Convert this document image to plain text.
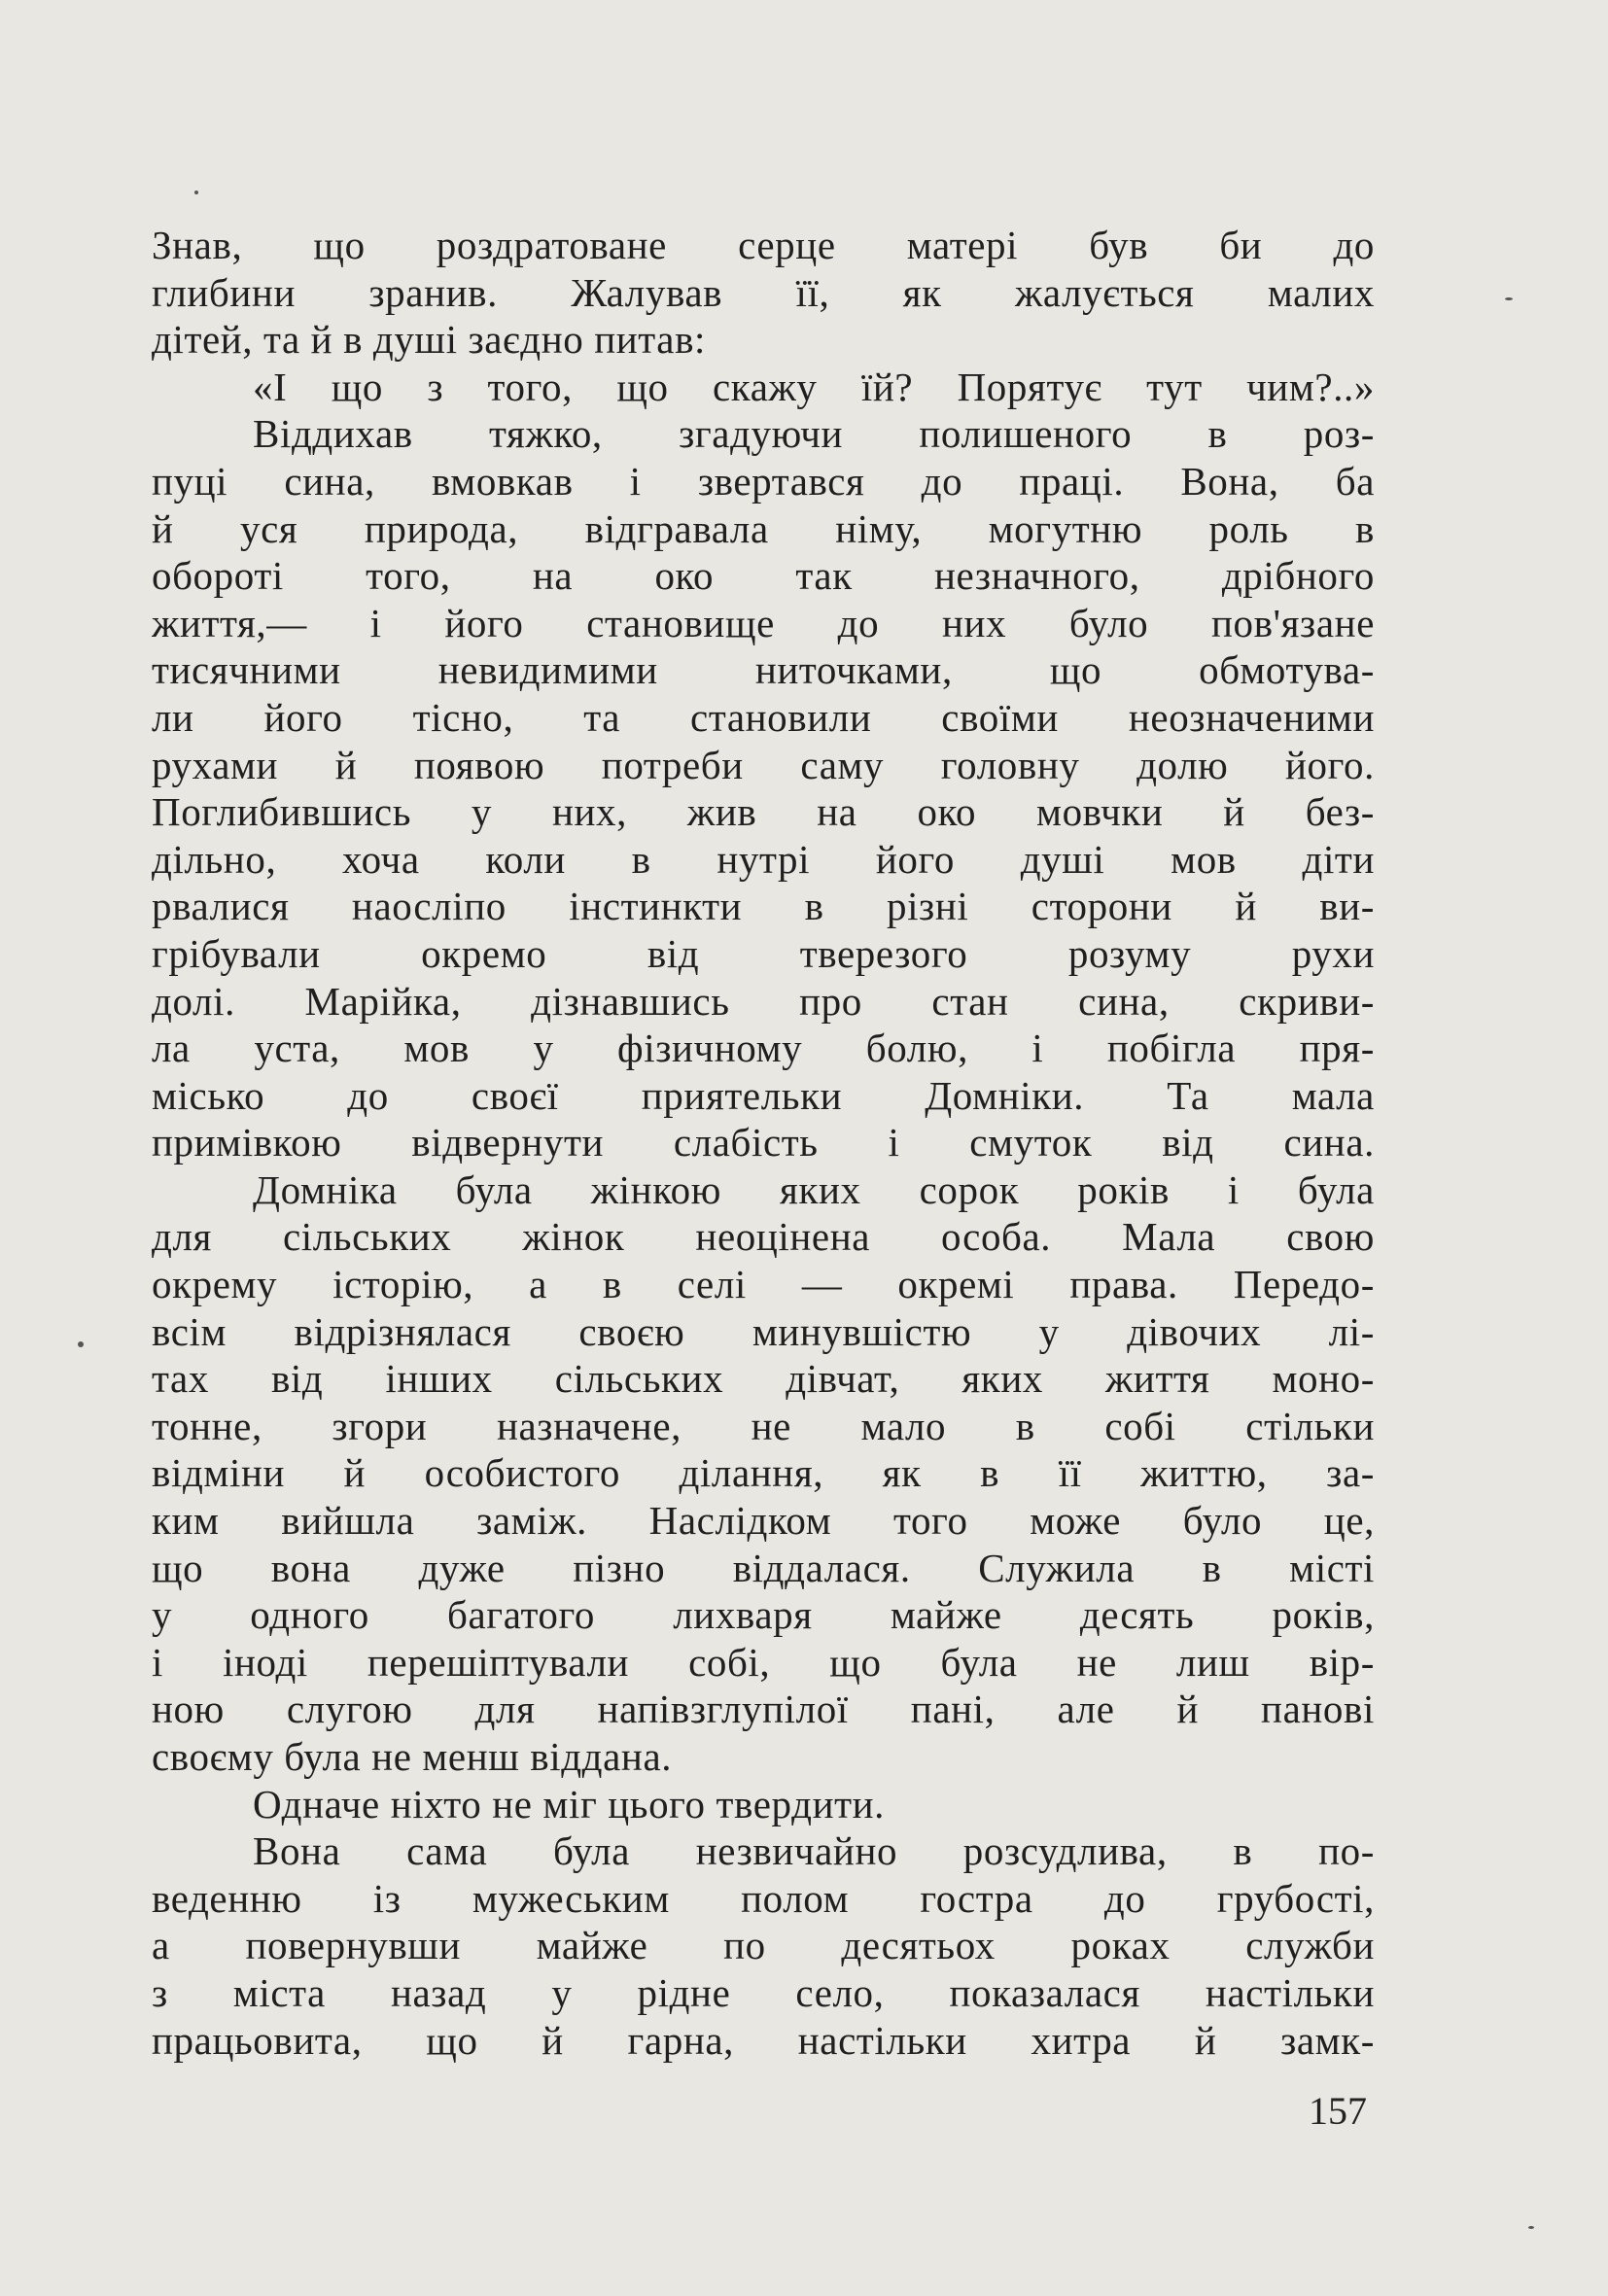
Знав, що роздратоване серце матері був би до
глибини зранив. Жалував її, як жалується малих
дітей, та й в душі заєдно питав:
«І що з того, що скажу їй? Порятує тут чим?..»
Віддихав тяжко, згадуючи полишеного в роз-
пуці сина, вмовкав і звертався до праці. Вона, ба
й уся природа, відгравала німу, могутню роль в
обороті того, на око так незначного, дрібного
життя,— і його становище до них було пов'язане
тисячними невидимими ниточками, що обмотува-
ли його тісно, та становили своїми неозначеними
рухами й появою потреби саму головну долю його.
Поглибившись у них, жив на око мовчки й без-
дільно, хоча коли в нутрі його душі мов діти
рвалися наосліпо інстинкти в різні сторони й ви-
грібували окремо від тверезого розуму рухи
долі. Марійка, дізнавшись про стан сина, скриви-
ла уста, мов у фізичному болю, і побігла пря-
місько до своєї приятельки Домніки. Та мала
примівкою відвернути слабість і смуток від сина.
Домніка була жінкою яких сорок років і була
для сільських жінок неоцінена особа. Мала свою
окрему історію, а в селі — окремі права. Передо-
всім відрізнялася своєю минувшістю у дівочих лі-
тах від інших сільських дівчат, яких життя моно-
тонне, згори назначене, не мало в собі стільки
відміни й особистого ділання, як в її життю, за-
ким вийшла заміж. Наслідком того може було це,
що вона дуже пізно віддалася. Служила в місті
у одного багатого лихваря майже десять років,
і іноді перешіптували собі, що була не лиш вір-
ною слугою для напівзглупілої пані, але й панові
своєму була не менш віддана.
Одначе ніхто не міг цього твердити.
Вона сама була незвичайно розсудлива, в по-
веденню із мужеським полом гостра до грубості,
а повернувши майже по десятьох роках служби
з міста назад у рідне село, показалася настільки
працьовита, що й гарна, настільки хитра й замк-
157
